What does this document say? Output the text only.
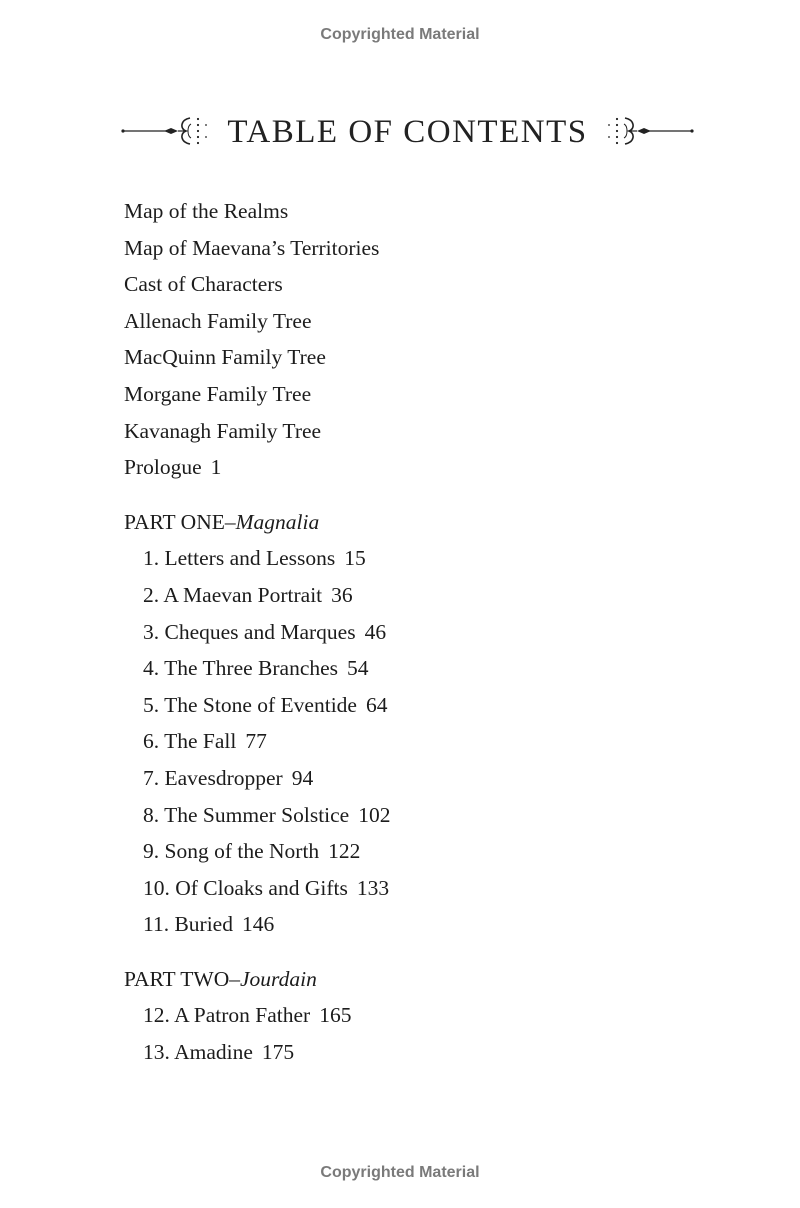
Copyrighted Material
TABLE OF CONTENTS
Map of the Realms
Map of Maevana’s Territories
Cast of Characters
Allenach Family Tree
MacQuinn Family Tree
Morgane Family Tree
Kavanagh Family Tree
Prologue 1
PART ONE–Magnalia
1. Letters and Lessons 15
2. A Maevan Portrait 36
3. Cheques and Marques 46
4. The Three Branches 54
5. The Stone of Eventide 64
6. The Fall 77
7. Eavesdropper 94
8. The Summer Solstice 102
9. Song of the North 122
10. Of Cloaks and Gifts 133
11. Buried 146
PART TWO–Jourdain
12. A Patron Father 165
13. Amadine 175
Copyrighted Material
